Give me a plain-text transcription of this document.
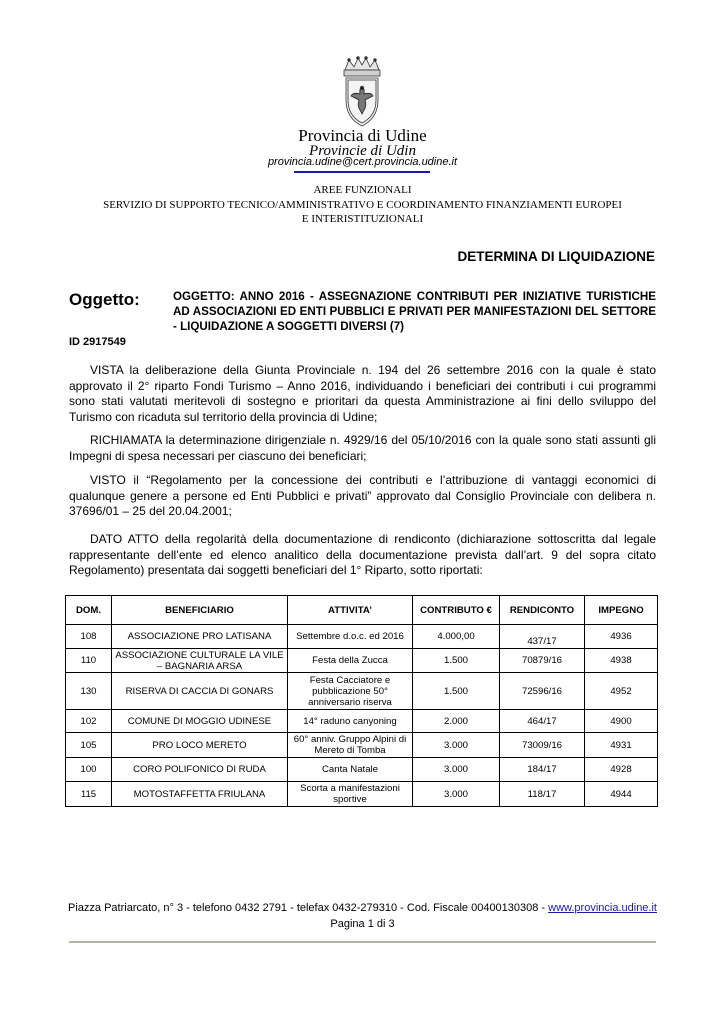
Provincia di Udine
Provincie di Udin
provincia.udine@cert.provincia.udine.it
AREE FUNZIONALI
SERVIZIO DI SUPPORTO TECNICO/AMMINISTRATIVO E COORDINAMENTO FINANZIAMENTI EUROPEI
E INTERISTITUZIONALI
DETERMINA DI LIQUIDAZIONE
Oggetto:	OGGETTO: ANNO 2016 - ASSEGNAZIONE CONTRIBUTI PER INIZIATIVE TURISTICHE AD ASSOCIAZIONI ED ENTI PUBBLICI E PRIVATI PER MANIFESTAZIONI DEL SETTORE - LIQUIDAZIONE A SOGGETTI DIVERSI (7)
ID 2917549
VISTA la deliberazione della Giunta Provinciale n. 194 del 26 settembre 2016 con la quale è stato approvato il 2° riparto Fondi Turismo – Anno 2016, individuando i beneficiari dei contributi i cui programmi sono stati valutati meritevoli di sostegno e prioritari da questa Amministrazione ai fini dello sviluppo del Turismo con ricaduta sul territorio della provincia di Udine;
RICHIAMATA la determinazione dirigenziale n. 4929/16 del 05/10/2016 con la quale sono stati assunti gli Impegni di spesa necessari per ciascuno dei beneficiari;
VISTO il “Regolamento per la concessione dei contributi e l’attribuzione di vantaggi economici di qualunque genere a persone ed Enti Pubblici e privati” approvato dal Consiglio Provinciale con delibera n. 37696/01 – 25 del 20.04.2001;
DATO ATTO della regolarità della documentazione di rendiconto (dichiarazione sottoscritta dal legale rappresentante dell’ente ed elenco analitico della documentazione prevista dall’art. 9 del sopra citato Regolamento) presentata dai soggetti beneficiari del 1° Riparto, sotto riportati:
DOM.	BENEFICIARIO	ATTIVITA’	CONTRIBUTO €	RENDICONTO	IMPEGNO
108	ASSOCIAZIONE PRO LATISANA	Settembre d.o.c. ed 2016	4.000,00	437/17	4936
110	ASSOCIAZIONE CULTURALE LA VILE – BAGNARIA ARSA	Festa della Zucca	1.500	70879/16	4938
130	RISERVA DI CACCIA DI GONARS	Festa Cacciatore e pubblicazione 50° anniversario riserva	1.500	72596/16	4952
102	COMUNE DI MOGGIO UDINESE	14° raduno canyoning	2.000	464/17	4900
105	PRO LOCO MERETO	60° anniv. Gruppo Alpini di Mereto di Tomba	3.000	73009/16	4931
100	CORO POLIFONICO DI RUDA	Canta Natale	3.000	184/17	4928
115	MOTOSTAFFETTA FRIULANA	Scorta a manifestazioni sportive	3.000	118/17	4944
Piazza Patriarcato, n° 3 - telefono 0432 2791 - telefax 0432-279310 - Cod. Fiscale 00400130308 - www.provincia.udine.it
Pagina 1 di 3
